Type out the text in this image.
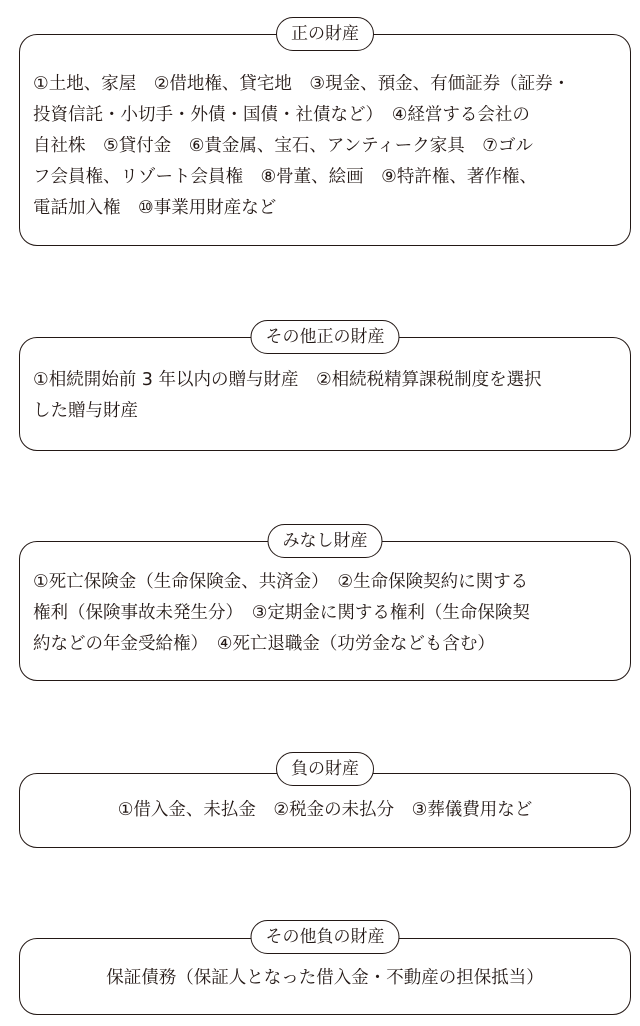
正の財産
①土地、家屋　②借地権、貸宅地　③現金、預金、有価証券（証券・
投資信託・小切手・外債・国債・社債など）　④経営する会社の
自社株　⑤貸付金　⑥貴金属、宝石、アンティーク家具　⑦ゴル
フ会員権、リゾート会員権　⑧骨董、絵画　⑨特許権、著作権、
電話加入権　⑩事業用財産など
その他正の財産
①相続開始前 3 年以内の贈与財産　②相続税精算課税制度を選択
した贈与財産
みなし財産
①死亡保険金（生命保険金、共済金）　②生命保険契約に関する
権利（保険事故未発生分）　③定期金に関する権利（生命保険契
約などの年金受給権）　④死亡退職金（功労金なども含む）
負の財産
①借入金、未払金　②税金の未払分　③葬儀費用など
その他負の財産
保証債務（保証人となった借入金・不動産の担保抵当）
